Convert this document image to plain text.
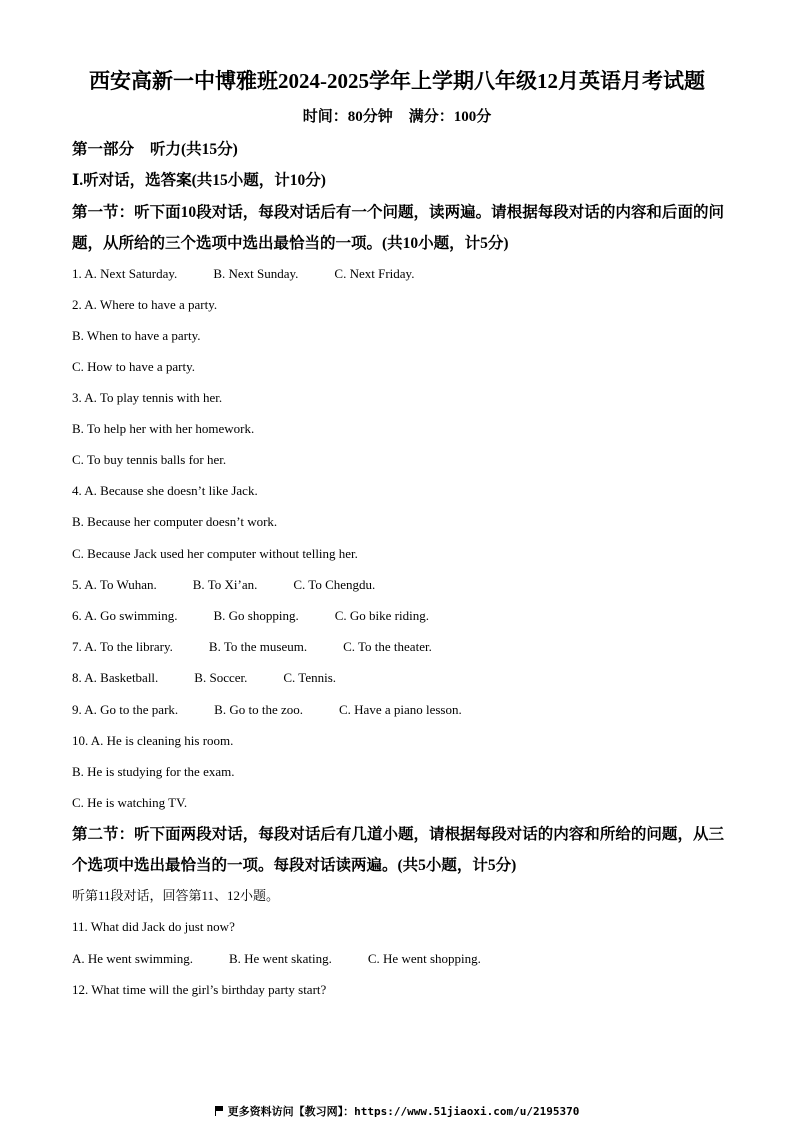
西安高新一中博雅班2024-2025学年上学期八年级12月英语月考试题
时间：80分钟 满分：100分
第一部分 听力(共15分)
Ⅰ.听对话，选答案(共15小题，计10分)
第一节：听下面10段对话，每段对话后有一个问题，读两遍。请根据每段对话的内容和后面的问题，从所给的三个选项中选出最恰当的一项。(共10小题，计5分)
1. A. Next Saturday.	B. Next Sunday.	C. Next Friday.
2. A. Where to have a party.
B. When to have a party.
C. How to have a party.
3. A. To play tennis with her.
B. To help her with her homework.
C. To buy tennis balls for her.
4. A. Because she doesn’t like Jack.
B. Because her computer doesn’t work.
C. Because Jack used her computer without telling her.
5. A. To Wuhan.	B. To Xi’an.	C. To Chengdu.
6. A. Go swimming.	B. Go shopping.	C. Go bike riding.
7. A. To the library.	B. To the museum.	C. To the theater.
8. A. Basketball.	B. Soccer.	C. Tennis.
9. A. Go to the park.	B. Go to the zoo.	C. Have a piano lesson.
10. A. He is cleaning his room.
B. He is studying for the exam.
C. He is watching TV.
第二节：听下面两段对话，每段对话后有几道小题，请根据每段对话的内容和所给的问题，从三个选项中选出最恰当的一项。每段对话读两遍。(共5小题，计5分)
听第11段对话，回答第11、12小题。
11. What did Jack do just now?
A. He went swimming.	B. He went skating.	C. He went shopping.
12. What time will the girl’s birthday party start?
更多资料访问【教习网】：https://www.51jiaoxi.com/u/2195370
